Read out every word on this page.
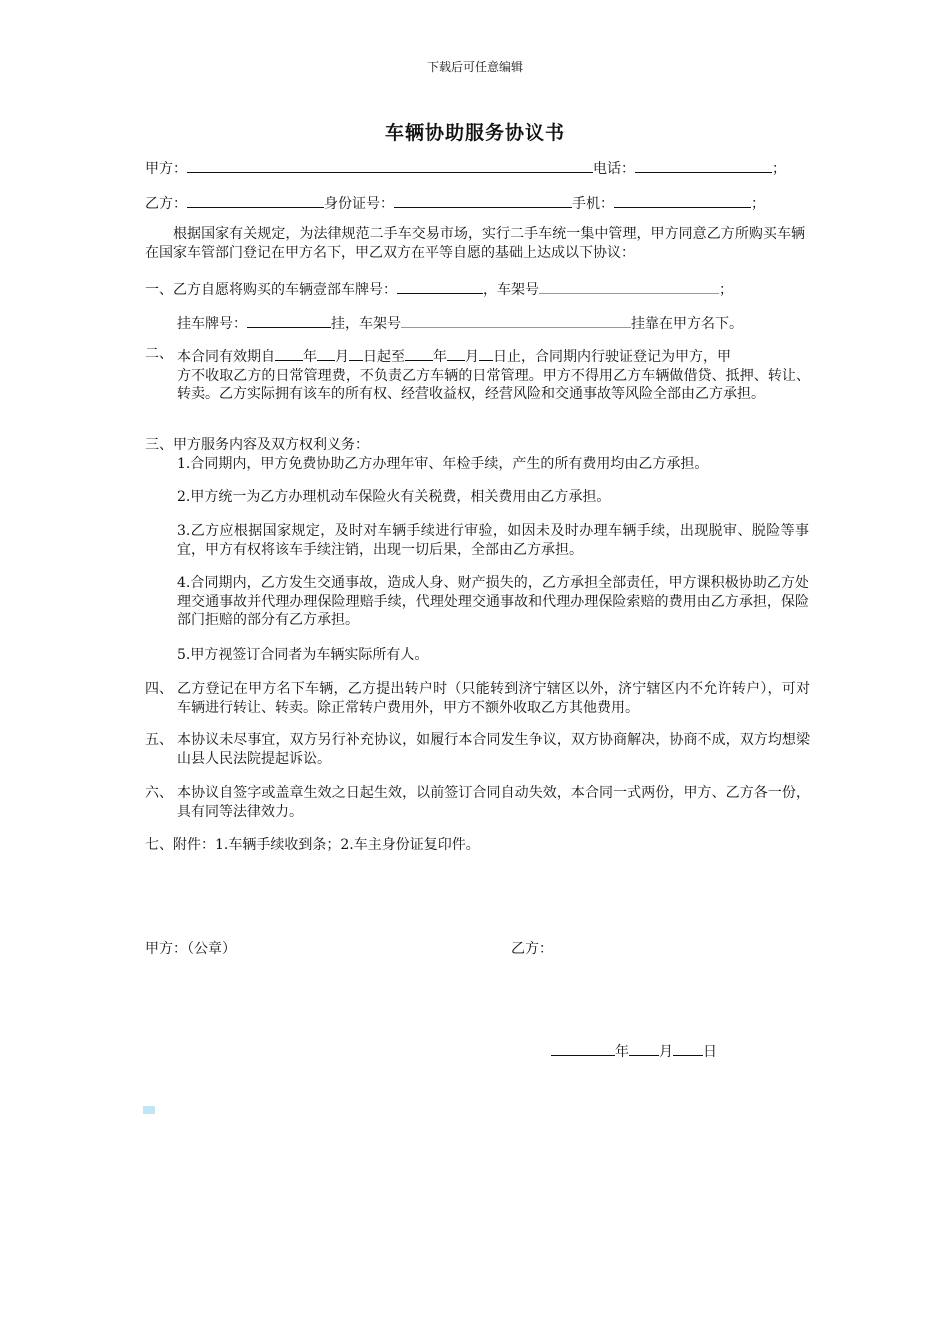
下载后可任意编辑
车辆协助服务协议书
甲方：	电话：	；
乙方：	身份证号：	手机：	；
根据国家有关规定，为法律规范二手车交易市场，实行二手车统一集中管理，甲方同意乙方所购买车辆在国家车管部门登记在甲方名下，甲乙双方在平等自愿的基础上达成以下协议：
一、乙方自愿将购买的车辆壹部车牌号：	，车架号	；
挂车牌号：	挂，车架号	挂靠在甲方名下。
二、 本合同有效期自 年 月 日起至 年 月 日止，合同期内行驶证登记为甲方，甲
方不收取乙方的日常管理费，不负责乙方车辆的日常管理。甲方不得用乙方车辆做借贷、抵押、转让、转卖。乙方实际拥有该车的所有权、经营收益权，经营风险和交通事故等风险全部由乙方承担。
三、甲方服务内容及双方权利义务：
1.合同期内，甲方免费协助乙方办理年审、年检手续，产生的所有费用均由乙方承担。
2.甲方统一为乙方办理机动车保险火有关税费，相关费用由乙方承担。
3.乙方应根据国家规定，及时对车辆手续进行审验，如因未及时办理车辆手续，出现脱审、脱险等事宜，甲方有权将该车手续注销，出现一切后果，全部由乙方承担。
4.合同期内，乙方发生交通事故，造成人身、财产损失的，乙方承担全部责任，甲方课积极协助乙方处理交通事故并代理办理保险理赔手续，代理处理交通事故和代理办理保险索赔的费用由乙方承担，保险部门拒赔的部分有乙方承担。
5.甲方视签订合同者为车辆实际所有人。
四、 乙方登记在甲方名下车辆，乙方提出转户时（只能转到济宁辖区以外，济宁辖区内不允许转户），可对车辆进行转让、转卖。除正常转户费用外，甲方不额外收取乙方其他费用。
五、 本协议未尽事宜，双方另行补充协议，如履行本合同发生争议，双方协商解决，协商不成，双方均想梁山县人民法院提起诉讼。
六、 本协议自签字或盖章生效之日起生效，以前签订合同自动失效，本合同一式两份，甲方、乙方各一份，具有同等法律效力。
七、附件：1.车辆手续收到条；2.车主身份证复印件。
甲方：（公章）	乙方：
年 月 日
